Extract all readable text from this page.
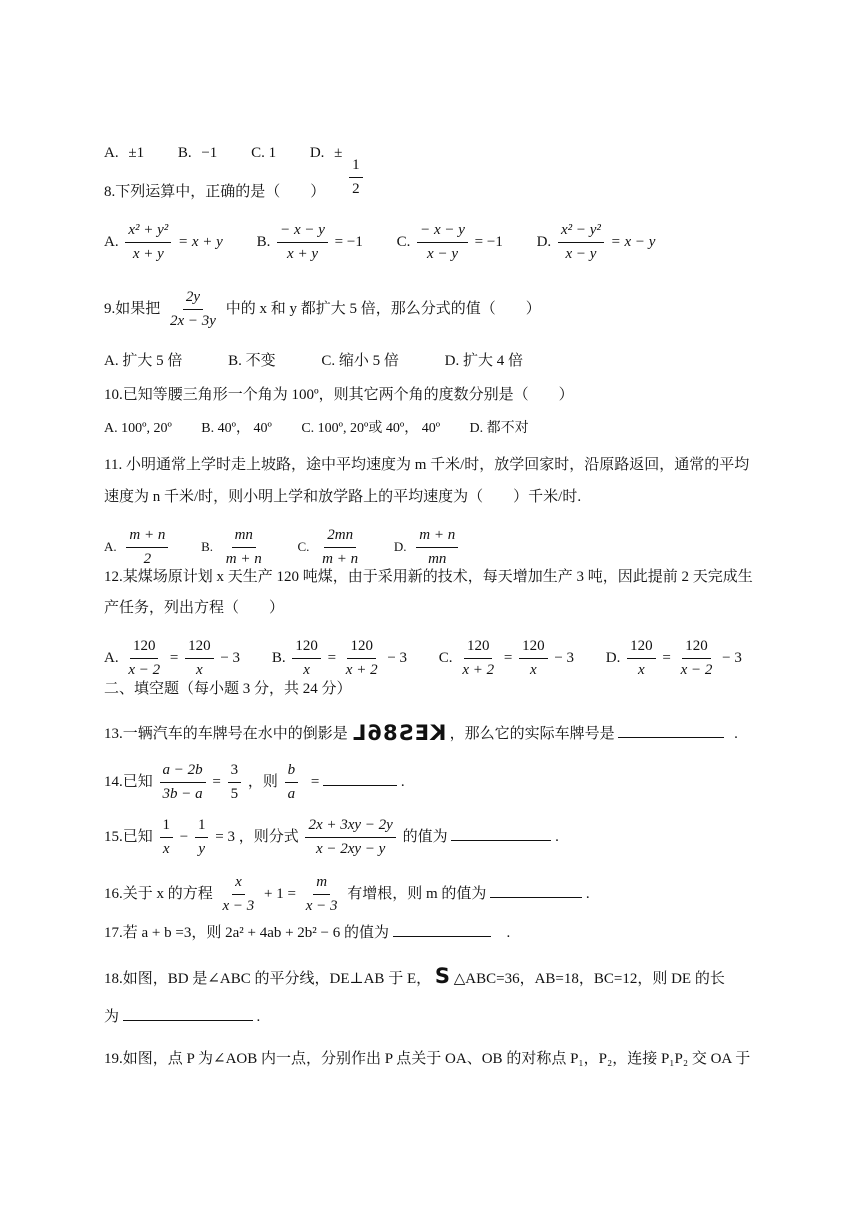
A. ±1 B. −1 C. 1 D. ±
$\frac{1}{2}$
8.下列运算中，正确的是（　　）
A. $\frac{\text{x² + y²}}{x + y} = x + y$ B. $\frac{- x - y}{x + y} = -1$ C. $\frac{- x - y}{x - y} = -1$ D. $\frac{\text{x² − y²}}{x - y} = x - y$
9.如果把 $\frac{2y}{2x - 3y}$ 中的 x 和 y 都扩大 5 倍，那么分式的值（　　）
A. 扩大 5 倍	B. 不变	C. 缩小 5 倍	D. 扩大 4 倍
10.已知等腰三角形一个角为 100º，则其它两个角的度数分别是（　　）
A. 100º, 20º B. 40º， 40º C. 100º, 20º或 40º， 40º D. 都不对
11. 小明通常上学时走上坡路，途中平均速度为 m 千米/时，放学回家时，沿原路返回，通常的平均
速度为 n 千米/时，则小明上学和放学路上的平均速度为（　　）千米/时.
A. $\frac{m + n}{2}$	B. $\frac{mn}{m + n}$	C. $\frac{2mn}{m + n}$	D. $\frac{m + n}{mn}$
12.某煤场原计划 x 天生产 120 吨煤，由于采用新的技术，每天增加生产 3 吨，因此提前 2 天完成生
产任务，列出方程（　　）
A. $\frac{120}{x - 2} = \frac{120}{x} - 3$ B. $\frac{120}{x} = \frac{120}{x + 2} - 3$ C. $\frac{120}{x + 2} = \frac{120}{x} - 3$ D. $\frac{120}{x} = \frac{120}{x - 2} - 3$
二、填空题（每小题 3 分，共 24 分）
13.一辆汽车的车牌号在水中的倒影是 KES86L ，那么它的实际车牌号是	.
14.已知 $\frac{a - 2b}{3b - a} = \frac{3}{5}$ ，则 $\frac{b}{a}$ =	.
15.已知 $\frac{1}{x} - \frac{1}{y} = 3$ ，则分式 $\frac{2x + 3xy - 2y}{x - 2xy - y}$ 的值为	.
16.关于 x 的方程 $\frac{x}{x - 3} + 1 = \frac{m}{x - 3}$ 有增根，则 m 的值为	.
17.若 a + b =3，则 2a² + 4ab + 2b² − 6 的值为	.
18.如图，BD 是∠ABC 的平分线，DE⊥AB 于 E， S △ABC=36，AB=18，BC=12，则 DE 的长
为	.
19.如图，点 P 为∠AOB 内一点，分别作出 P 点关于 OA、OB 的对称点 P₁，P₂，连接 P₁P₂ 交 OA 于
